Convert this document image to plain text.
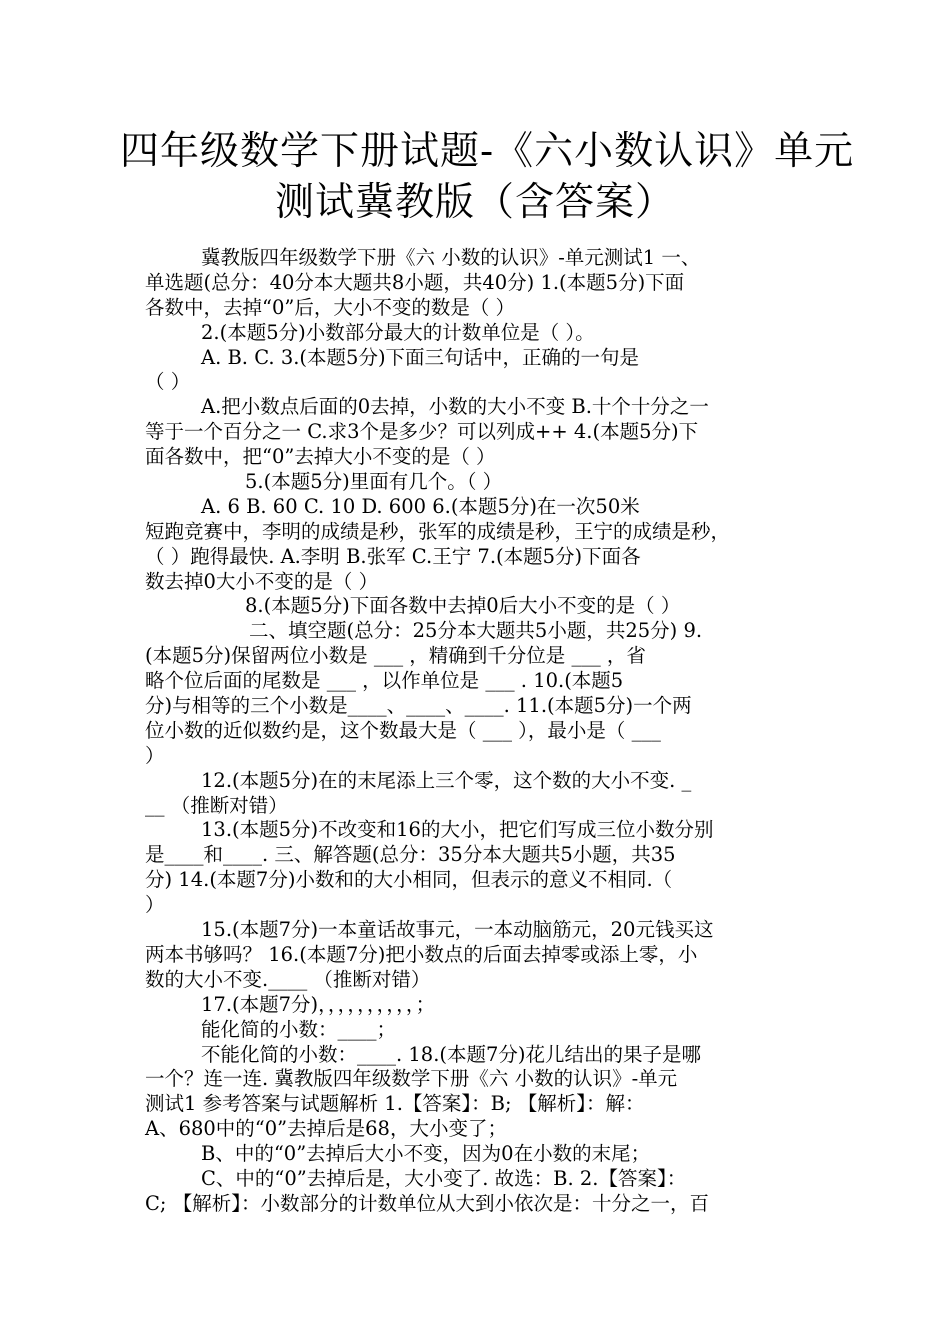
四年级数学下册试题-《六小数认识》单元
测试冀教版（含答案）
冀教版四年级数学下册《六 小数的认识》-单元测试1 一、
单选题(总分：40分本大题共8小题，共40分) 1.(本题5分)下面
各数中，去掉“0”后，大小不变的数是（ ）
2.(本题5分)小数部分最大的计数单位是（ ）。
A. B. C. 3.(本题5分)下面三句话中，正确的一句是
（ ）
A.把小数点后面的0去掉，小数的大小不变 B.十个十分之一
等于一个百分之一 C.求3个是多少？可以列成++ 4.(本题5分)下
面各数中，把“0”去掉大小不变的是（ ）
5.(本题5分)里面有几个。（ ）
A. 6 B. 60 C. 10 D. 600 6.(本题5分)在一次50米
短跑竞赛中，李明的成绩是秒，张军的成绩是秒，王宁的成绩是秒，
（ ）跑得最快. A.李明 B.张军 C.王宁 7.(本题5分)下面各
数去掉0大小不变的是（ ）
8.(本题5分)下面各数中去掉0后大小不变的是（ ）
二、填空题(总分：25分本大题共5小题，共25分) 9.
(本题5分)保留两位小数是 ___ ，精确到千分位是 ___ ，省
略个位后面的尾数是 ___ ，以作单位是 ___ . 10.(本题5
分)与相等的三个小数是____、____、____. 11.(本题5分)一个两
位小数的近似数约是，这个数最大是（ ___ ），最小是（ ___
）
12.(本题5分)在的末尾添上三个零，这个数的大小不变. _
__ （推断对错）
13.(本题5分)不改变和16的大小，把它们写成三位小数分别
是____和____. 三、解答题(总分：35分本大题共5小题，共35
分) 14.(本题7分)小数和的大小相同，但表示的意义不相同.（
）
15.(本题7分)一本童话故事元，一本动脑筋元，20元钱买这
两本书够吗？ 16.(本题7分)把小数点的后面去掉零或添上零，小
数的大小不变.____ （推断对错）
17.(本题7分)，，，，，，，，，，；
能化简的小数：____；
不能化简的小数：____. 18.(本题7分)花儿结出的果子是哪
一个？连一连. 冀教版四年级数学下册《六 小数的认识》-单元
测试1 参考答案与试题解析 1.【答案】：B; 【解析】：解：
A、680中的“0”去掉后是68，大小变了；
B、中的“0”去掉后大小不变，因为0在小数的末尾；
C、中的“0”去掉后是，大小变了. 故选：B. 2.【答案】：
C; 【解析】：小数部分的计数单位从大到小依次是：十分之一，百
